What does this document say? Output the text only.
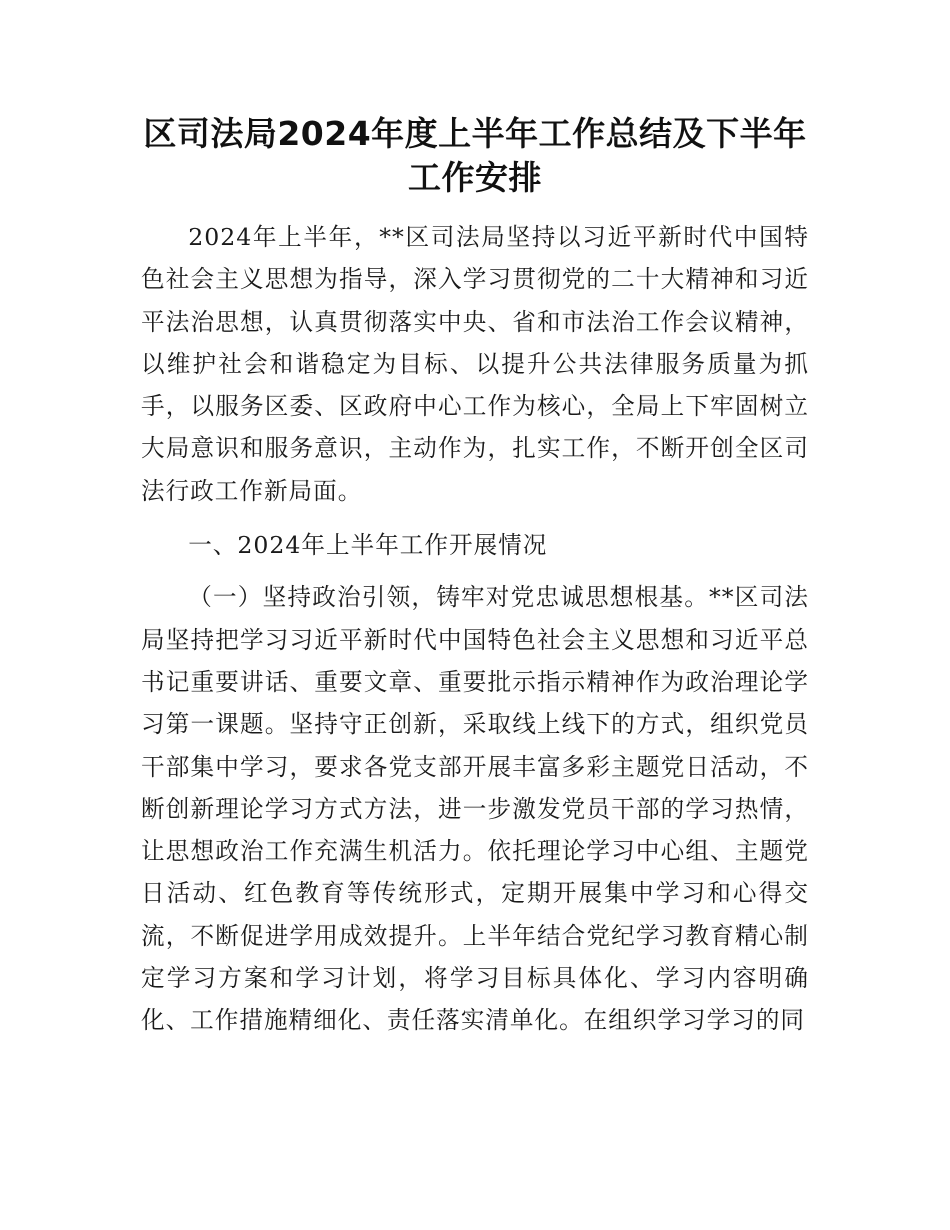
区司法局2024年度上半年工作总结及下半年工作安排

2024年上半年，**区司法局坚持以习近平新时代中国特色社会主义思想为指导，深入学习贯彻党的二十大精神和习近平法治思想，认真贯彻落实中央、省和市法治工作会议精神，以维护社会和谐稳定为目标、以提升公共法律服务质量为抓手，以服务区委、区政府中心工作为核心，全局上下牢固树立大局意识和服务意识，主动作为，扎实工作，不断开创全区司法行政工作新局面。

一、2024年上半年工作开展情况

（一）坚持政治引领，铸牢对党忠诚思想根基。**区司法局坚持把学习习近平新时代中国特色社会主义思想和习近平总书记重要讲话、重要文章、重要批示指示精神作为政治理论学习第一课题。坚持守正创新，采取线上线下的方式，组织党员干部集中学习，要求各党支部开展丰富多彩主题党日活动，不断创新理论学习方式方法，进一步激发党员干部的学习热情，让思想政治工作充满生机活力。依托理论学习中心组、主题党日活动、红色教育等传统形式，定期开展集中学习和心得交流，不断促进学用成效提升。上半年结合党纪学习教育精心制定学习方案和学习计划，将学习目标具体化、学习内容明确化、工作措施精细化、责任落实清单化。在组织学习学习的同
